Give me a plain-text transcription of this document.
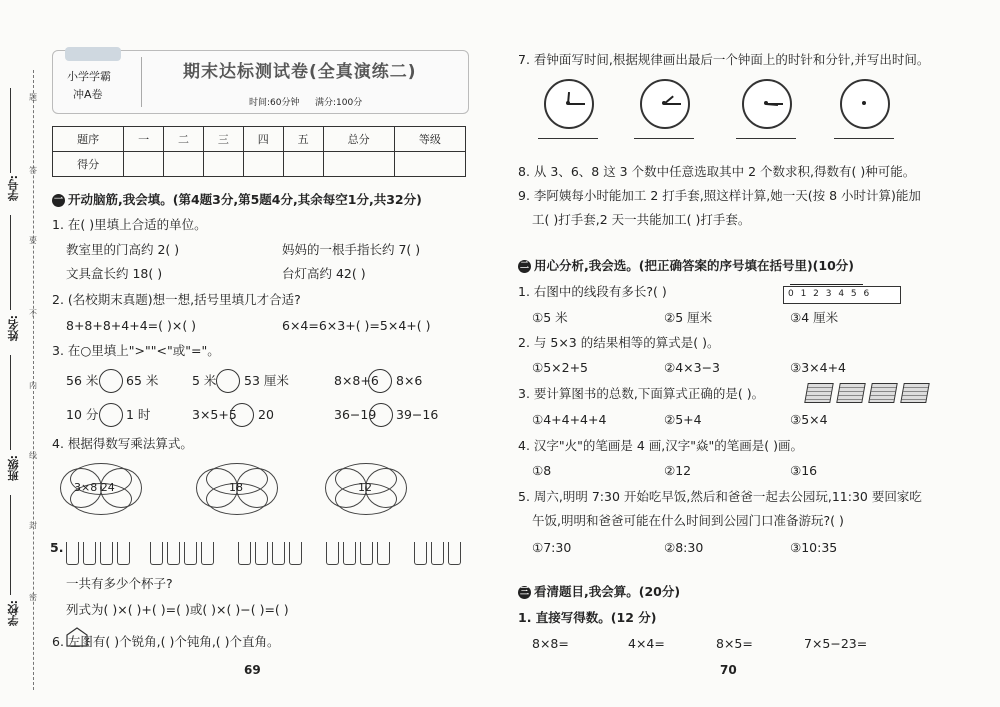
学号:
姓名:
班级:
学校:
题
答
要
不
内
线
封
密
小学学霸
冲A卷
期末达标测试卷(全真演练二)
时间:60分钟 满分:100分
题序	一	二	三	四	五	总分	等级
得分							
一 开动脑筋,我会填。(第4题3分,第5题4分,其余每空1分,共32分)
1. 在( )里填上合适的单位。
教室里的门高约 2( )	妈妈的一根手指长约 7( )
文具盒长约 18( )	台灯高约 42( )
2. (名校期末真题)想一想,括号里填几才合适?
8+8+8+4+4=( )×( )	6×4=6×3+( )=5×4+( )
3. 在○里填上">""<"或"="。
56 米 65 米	5 米 53 厘米	8×8+6 8×6
10 分 1 时	3×5+5 20	36−19 39−16
4. 根据得数写乘法算式。
3×8 24	18	12
5.
一共有多少个杯子?
列式为( )×( )+( )=( )或( )×( )−( )=( )
6. 左图有( )个锐角,( )个钝角,( )个直角。
69
7. 看钟面写时间,根据规律画出最后一个钟面上的时针和分针,并写出时间。
8. 从 3、6、8 这 3 个数中任意选取其中 2 个数求积,得数有( )种可能。
9. 李阿姨每小时能加工 2 打手套,照这样计算,她一天(按 8 小时计算)能加
工( )打手套,2 天一共能加工( )打手套。
二 用心分析,我会选。(把正确答案的序号填在括号里)(10分)
1. 右图中的线段有多长?( )	0 1 2 3 4 5 6
①5 米	②5 厘米	③4 厘米
2. 与 5×3 的结果相等的算式是( )。
①5×2+5	②4×3−3	③3×4+4
3. 要计算图书的总数,下面算式正确的是( )。
①4+4+4+4	②5+4	③5×4
4. 汉字"火"的笔画是 4 画,汉字"焱"的笔画是( )画。
①8	②12	③16
5. 周六,明明 7:30 开始吃早饭,然后和爸爸一起去公园玩,11:30 要回家吃
午饭,明明和爸爸可能在什么时间到公园门口准备游玩?( )
①7:30	②8:30	③10:35
三 看清题目,我会算。(20分)
1. 直接写得数。(12 分)
8×8=	4×4=	8×5=	7×5−23=
70
